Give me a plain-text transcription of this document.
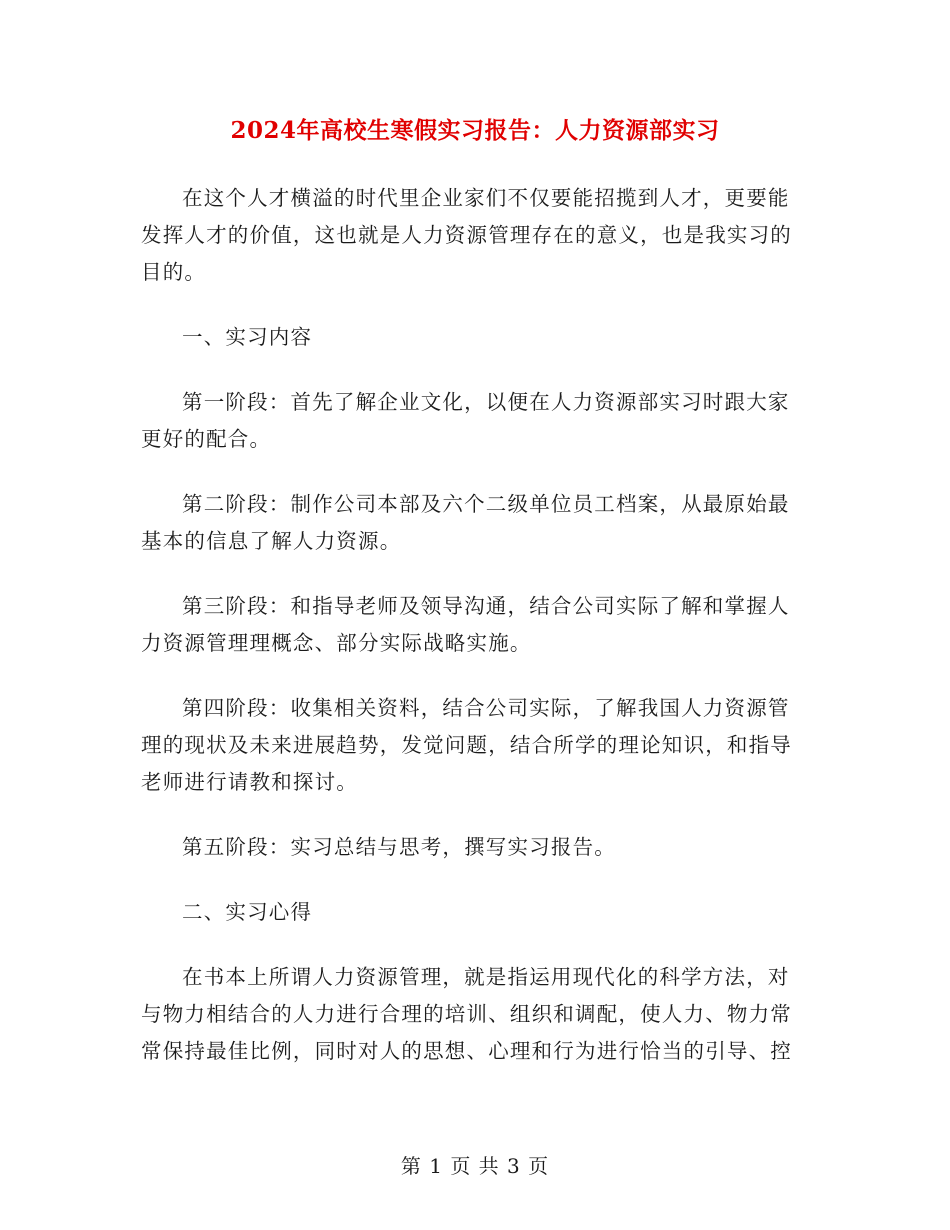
2024年高校生寒假实习报告：人力资源部实习

在这个人才横溢的时代里企业家们不仅要能招揽到人才，更要能发挥人才的价值，这也就是人力资源管理存在的意义，也是我实习的目的。

一、实习内容

第一阶段：首先了解企业文化，以便在人力资源部实习时跟大家更好的配合。

第二阶段：制作公司本部及六个二级单位员工档案，从最原始最基本的信息了解人力资源。

第三阶段：和指导老师及领导沟通，结合公司实际了解和掌握人力资源管理理概念、部分实际战略实施。

第四阶段：收集相关资料，结合公司实际，了解我国人力资源管理的现状及未来进展趋势，发觉问题，结合所学的理论知识，和指导老师进行请教和探讨。

第五阶段：实习总结与思考，撰写实习报告。

二、实习心得

在书本上所谓人力资源管理，就是指运用现代化的科学方法，对与物力相结合的人力进行合理的培训、组织和调配，使人力、物力常常保持最佳比例，同时对人的思想、心理和行为进行恰当的引导、控

第 1 页 共 3 页
